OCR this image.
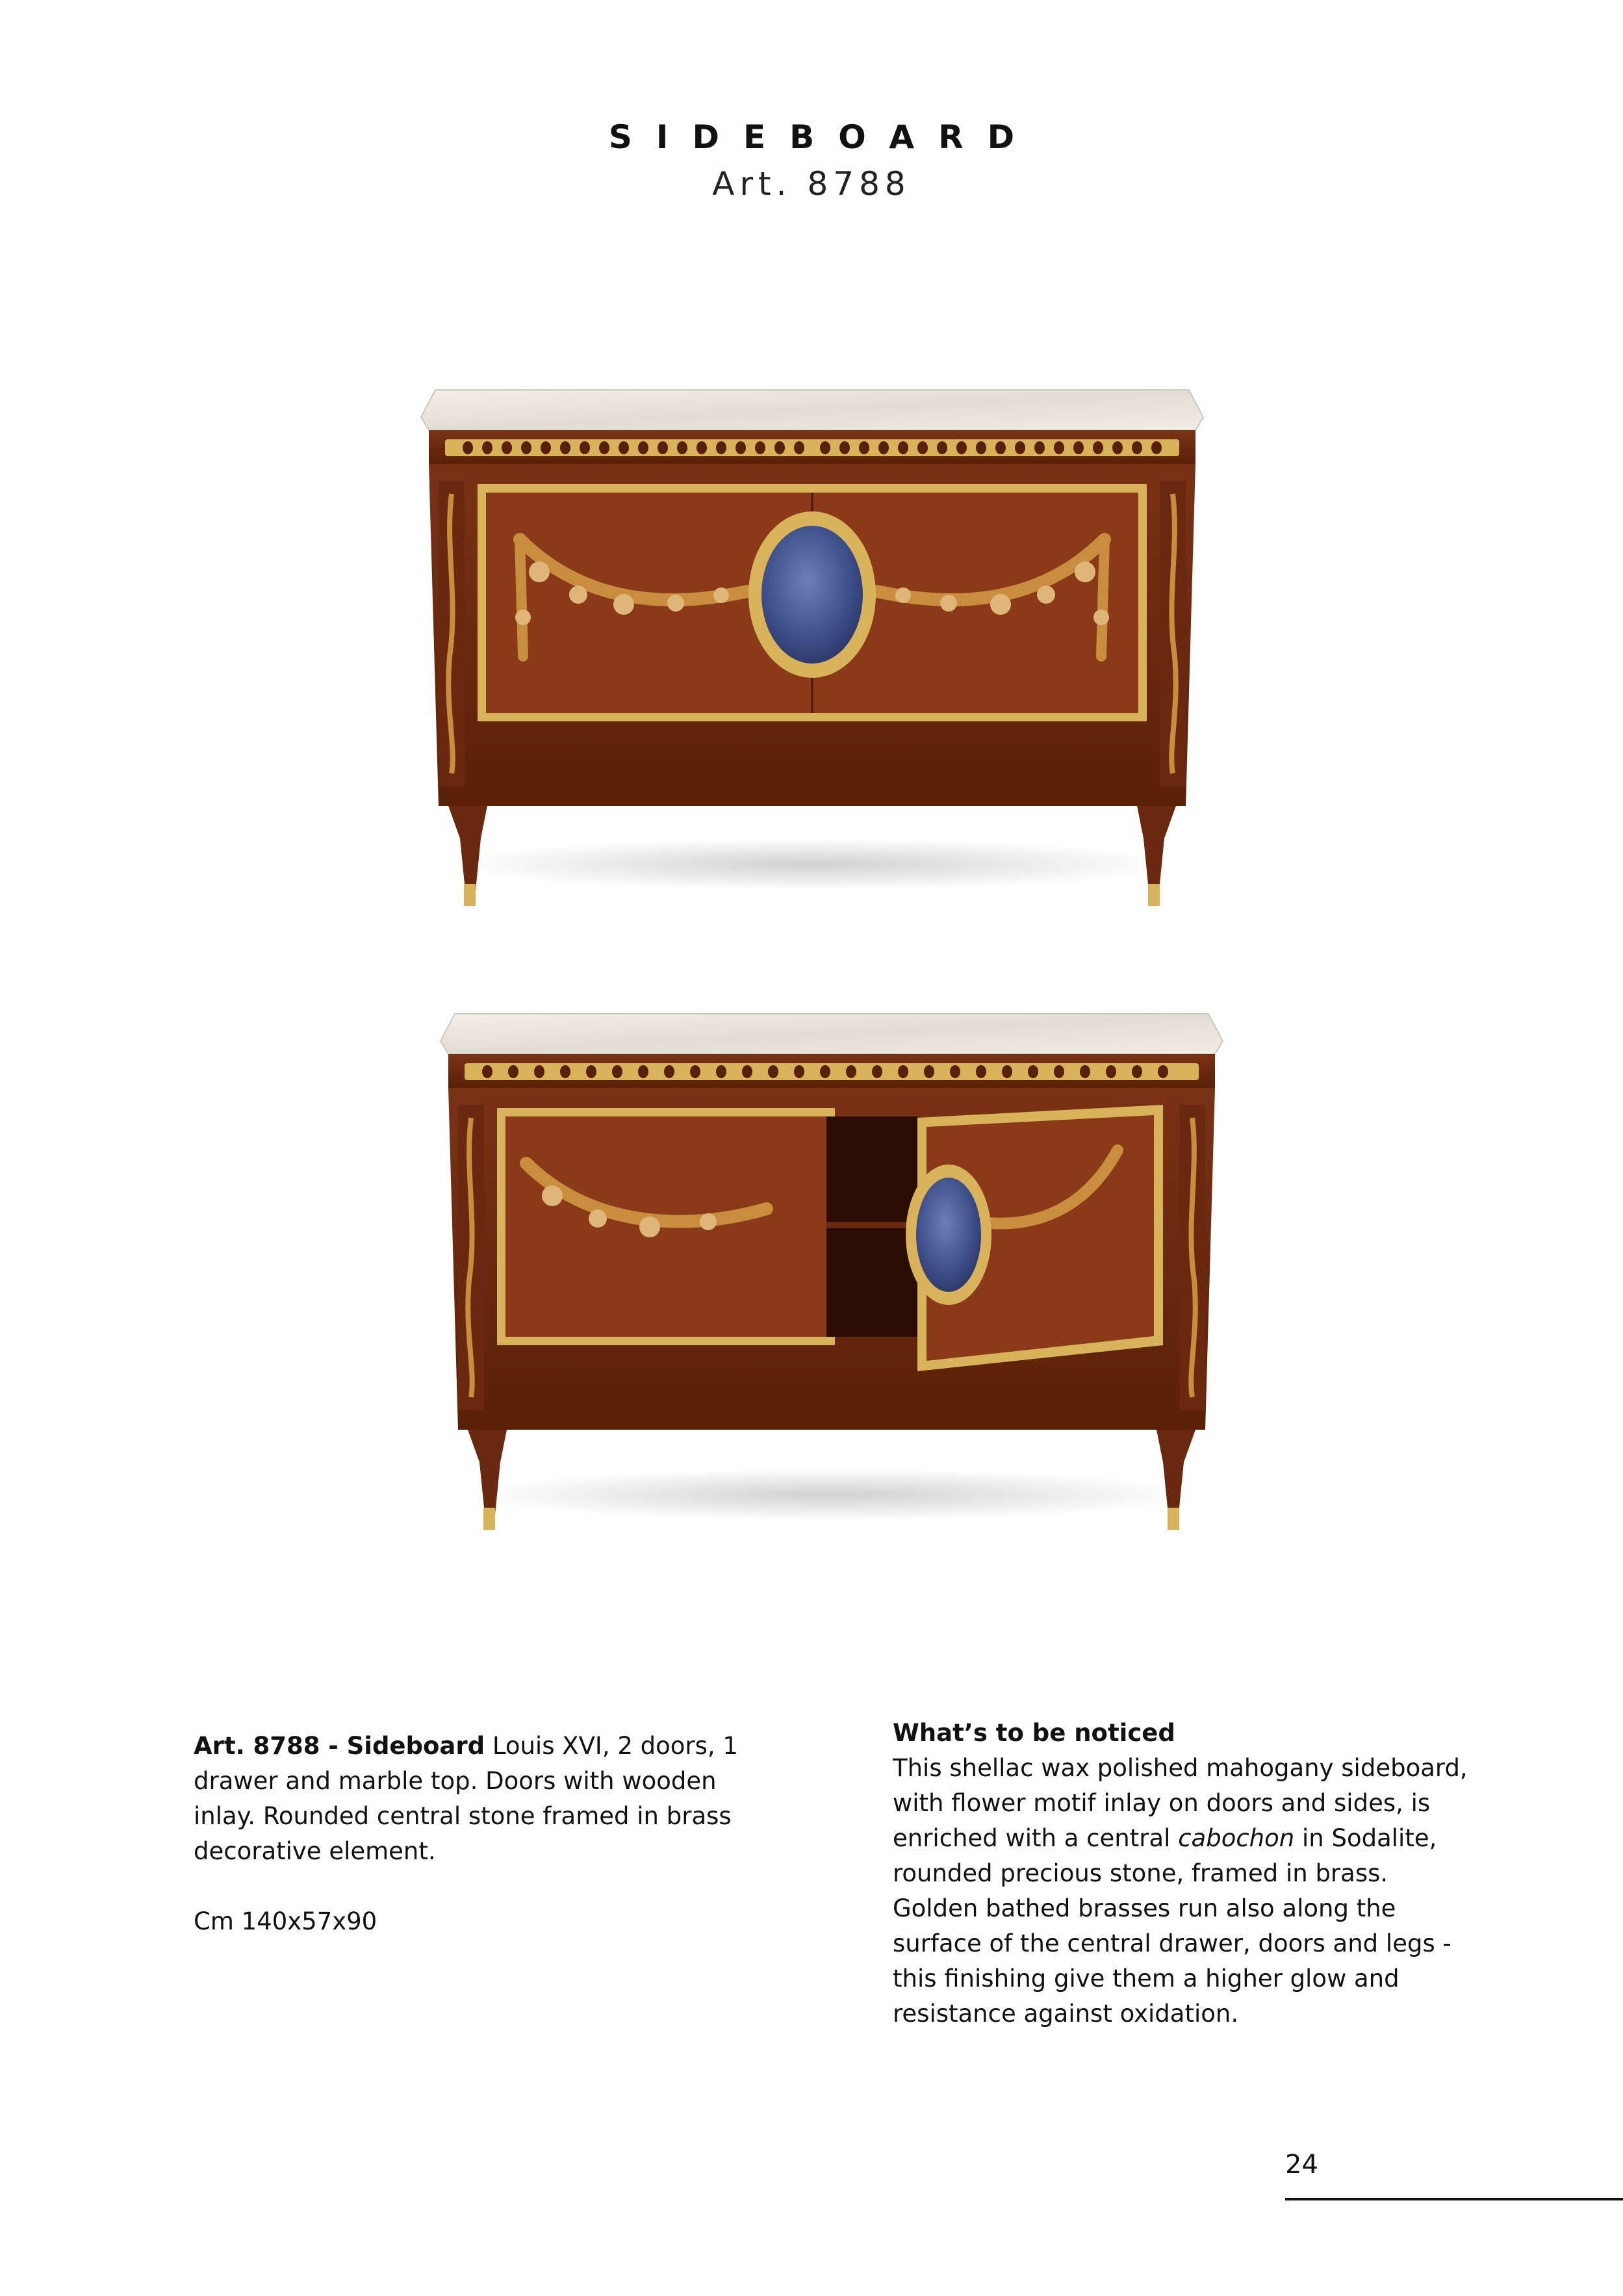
SIDEBOARD
Art. 8788

Art. 8788 - Sideboard Louis XVI, 2 doors, 1 drawer and marble top. Doors with wooden inlay. Rounded central stone framed in brass decorative element.

Cm 140x57x90

What’s to be noticed

This shellac wax polished mahogany sideboard, with flower motif inlay on doors and sides, is enriched with a central cabochon in Sodalite, rounded precious stone, framed in brass. Golden bathed brasses run also along the surface of the central drawer, doors and legs - this finishing give them a higher glow and resistance against oxidation.

24
